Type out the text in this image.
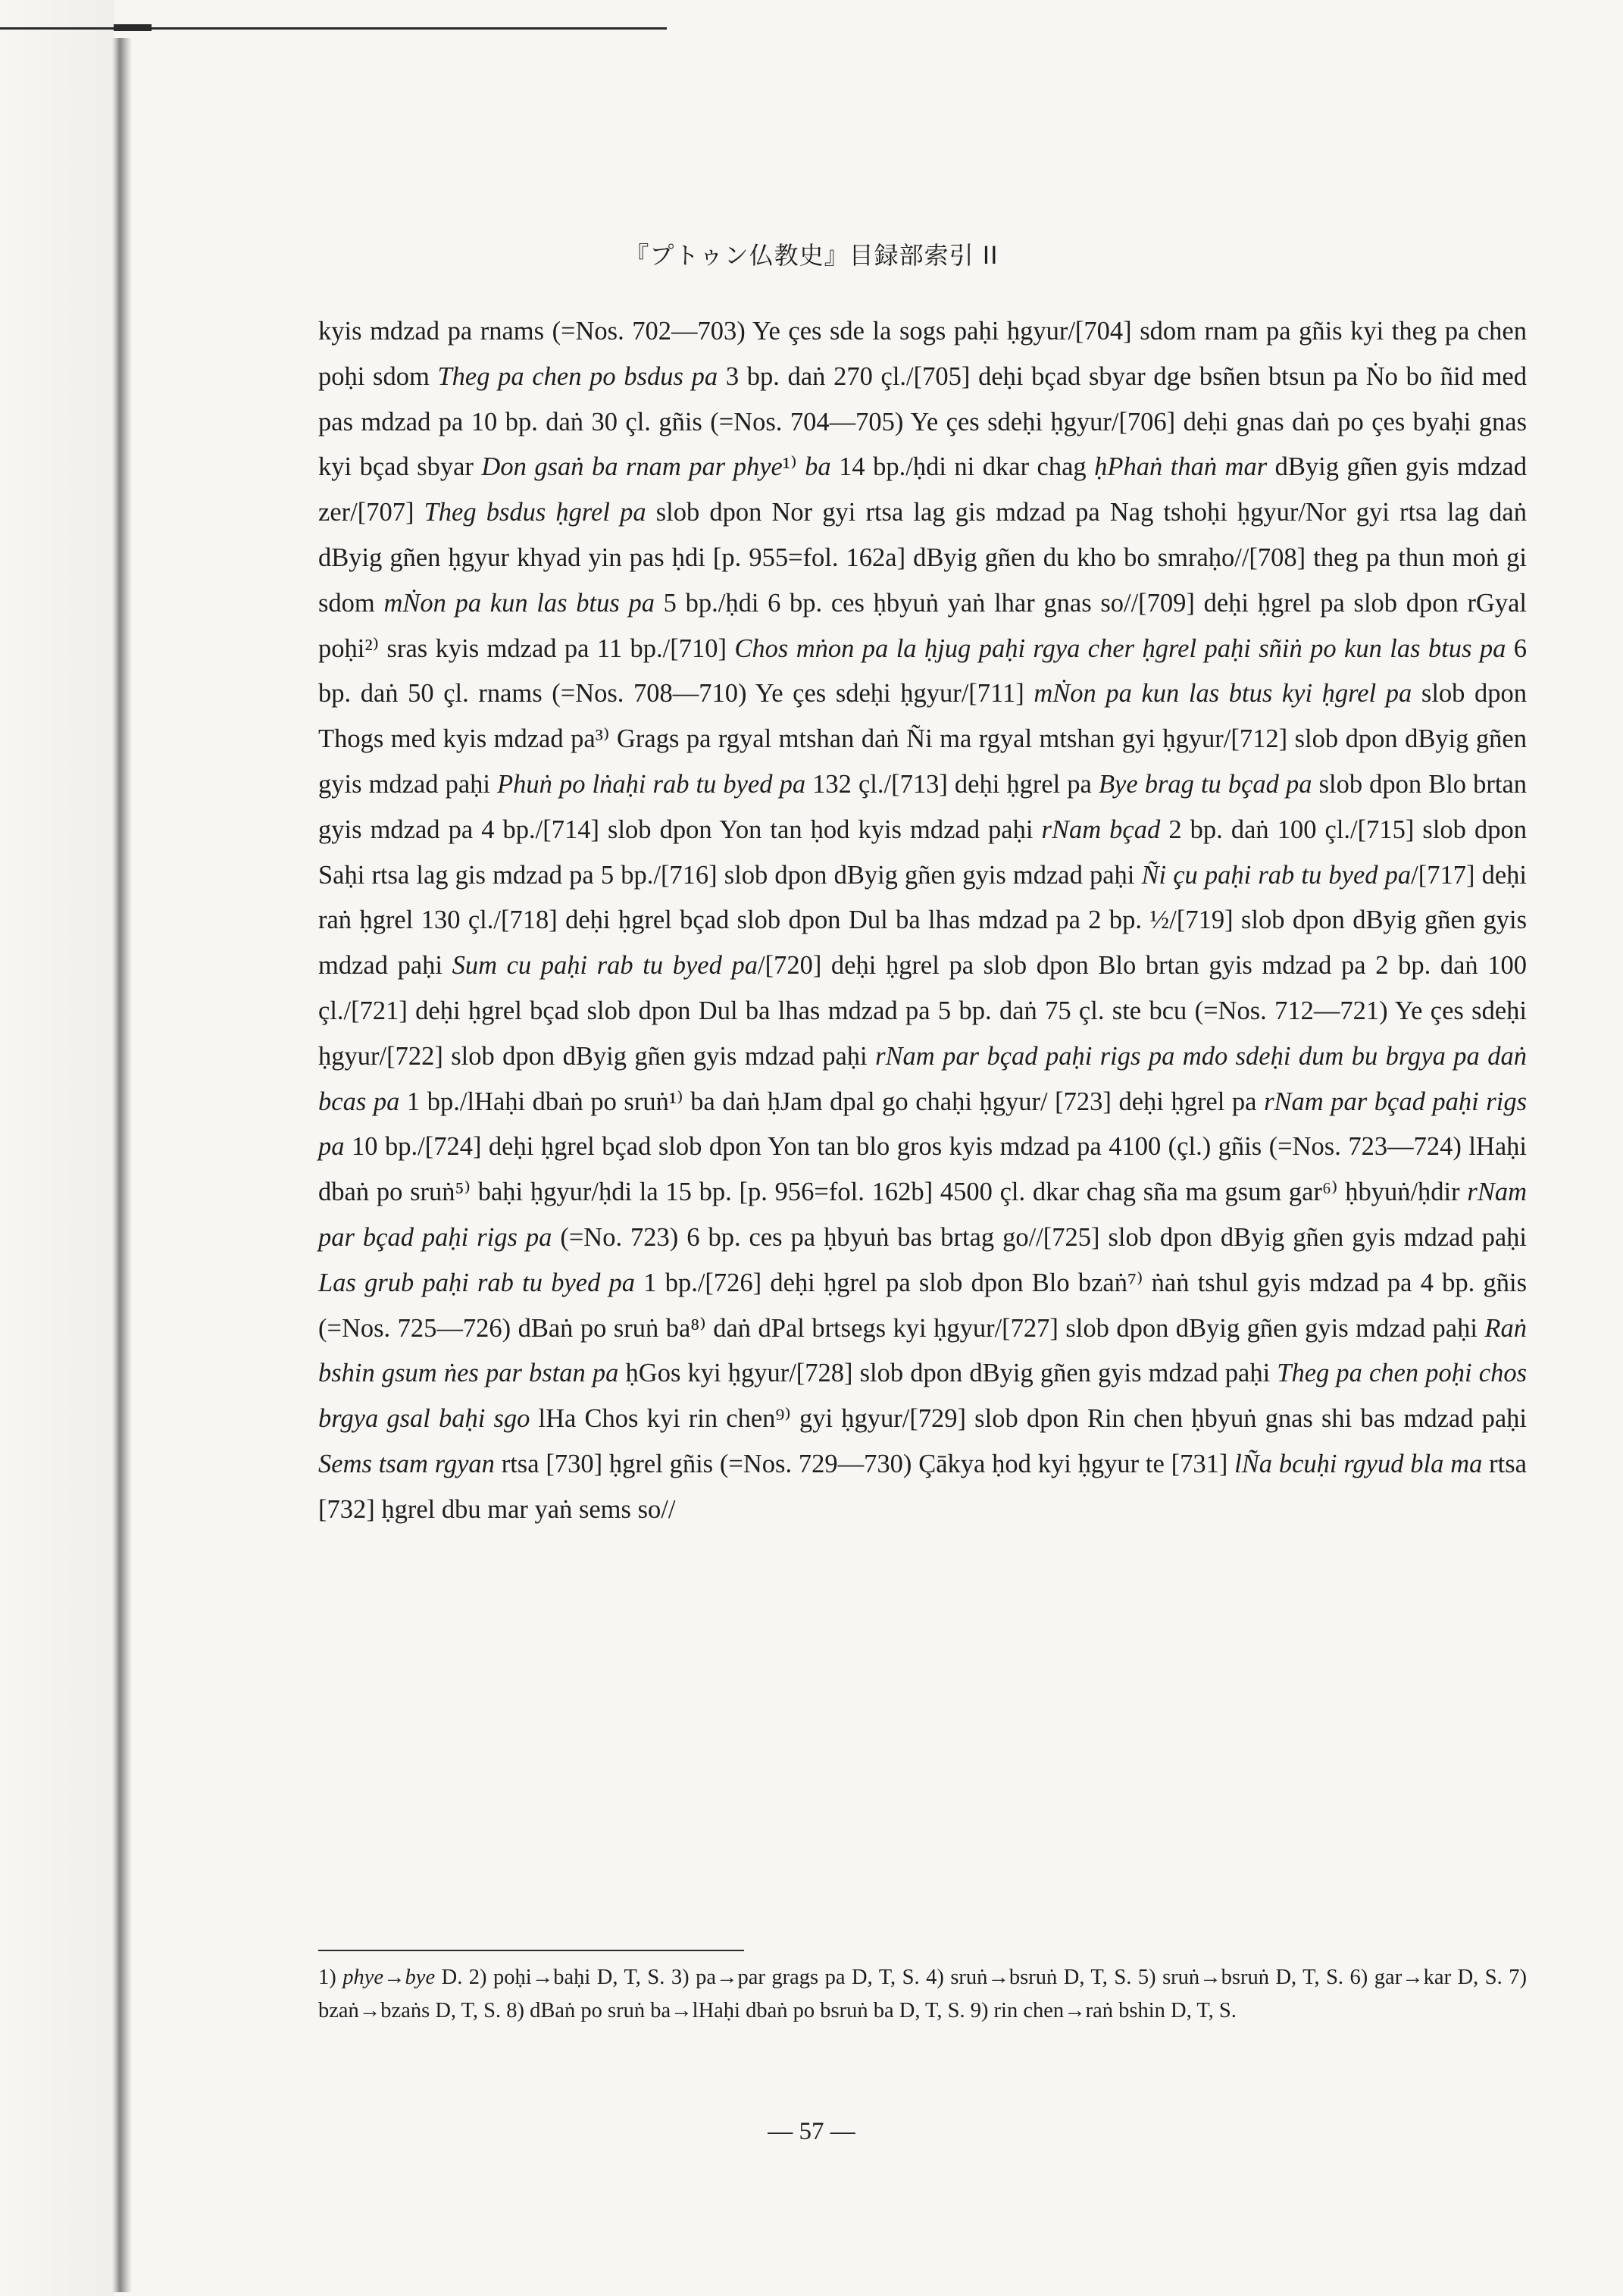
『プトゥン仏教史』目録部索引 II
kyis mdzad pa rnams (=Nos. 702—703) Ye çes sde la sogs paḥi ḥgyur/[704] sdom rnam pa gñis kyi theg pa chen poḥi sdom Theg pa chen po bsdus pa 3 bp. daṅ 270 çl./[705] deḥi bçad sbyar dge bsñen btsun pa Ṅo bo ñid med pas mdzad pa 10 bp. daṅ 30 çl. gñis (=Nos. 704—705) Ye çes sdeḥi ḥgyur/[706] deḥi gnas daṅ po çes byaḥi gnas kyi bçad sbyar Don gsaṅ ba rnam par phye¹⁾ ba 14 bp./ḥdi ni dkar chag ḥPhaṅ thaṅ mar dByig gñen gyis mdzad zer/[707] Theg bsdus ḥgrel pa slob dpon Nor gyi rtsa lag gis mdzad pa Nag tshoḥi ḥgyur/Nor gyi rtsa lag daṅ dByig gñen ḥgyur khyad yin pas ḥdi [p. 955=fol. 162a] dByig gñen du kho bo smraḥo//[708] theg pa thun moṅ gi sdom mṄon pa kun las btus pa 5 bp./ḥdi 6 bp. ces ḥbyuṅ yaṅ lhar gnas so//[709] deḥi ḥgrel pa slob dpon rGyal poḥi²⁾ sras kyis mdzad pa 11 bp./[710] Chos mṅon pa la ḥjug paḥi rgya cher ḥgrel paḥi sñiṅ po kun las btus pa 6 bp. daṅ 50 çl. rnams (=Nos. 708—710) Ye çes sdeḥi ḥgyur/[711] mṄon pa kun las btus kyi ḥgrel pa slob dpon Thogs med kyis mdzad pa³⁾ Grags pa rgyal mtshan daṅ Ñi ma rgyal mtshan gyi ḥgyur/[712] slob dpon dByig gñen gyis mdzad paḥi Phuṅ po lṅaḥi rab tu byed pa 132 çl./[713] deḥi ḥgrel pa Bye brag tu bçad pa slob dpon Blo brtan gyis mdzad pa 4 bp./[714] slob dpon Yon tan ḥod kyis mdzad paḥi rNam bçad 2 bp. daṅ 100 çl./[715] slob dpon Saḥi rtsa lag gis mdzad pa 5 bp./[716] slob dpon dByig gñen gyis mdzad paḥi Ñi çu paḥi rab tu byed pa/[717] deḥi raṅ ḥgrel 130 çl./[718] deḥi ḥgrel bçad slob dpon Dul ba lhas mdzad pa 2 bp. ½/[719] slob dpon dByig gñen gyis mdzad paḥi Sum cu paḥi rab tu byed pa/[720] deḥi ḥgrel pa slob dpon Blo brtan gyis mdzad pa 2 bp. daṅ 100 çl./[721] deḥi ḥgrel bçad slob dpon Dul ba lhas mdzad pa 5 bp. daṅ 75 çl. ste bcu (=Nos. 712—721) Ye çes sdeḥi ḥgyur/[722] slob dpon dByig gñen gyis mdzad paḥi rNam par bçad paḥi rigs pa mdo sdeḥi dum bu brgya pa daṅ bcas pa 1 bp./lHaḥi dbaṅ po sruṅ¹⁾ ba daṅ ḥJam dpal go chaḥi ḥgyur/ [723] deḥi ḥgrel pa rNam par bçad paḥi rigs pa 10 bp./[724] deḥi ḥgrel bçad slob dpon Yon tan blo gros kyis mdzad pa 4100 (çl.) gñis (=Nos. 723—724) lHaḥi dbaṅ po sruṅ⁵⁾ baḥi ḥgyur/ḥdi la 15 bp. [p. 956=fol. 162b] 4500 çl. dkar chag sña ma gsum gar⁶⁾ ḥbyuṅ/ḥdir rNam par bçad paḥi rigs pa (=No. 723) 6 bp. ces pa ḥbyuṅ bas brtag go//[725] slob dpon dByig gñen gyis mdzad paḥi Las grub paḥi rab tu byed pa 1 bp./[726] deḥi ḥgrel pa slob dpon Blo bzaṅ⁷⁾ ṅaṅ tshul gyis mdzad pa 4 bp. gñis (=Nos. 725—726) dBaṅ po sruṅ ba⁸⁾ daṅ dPal brtsegs kyi ḥgyur/[727] slob dpon dByig gñen gyis mdzad paḥi Raṅ bshin gsum ṅes par bstan pa ḥGos kyi ḥgyur/[728] slob dpon dByig gñen gyis mdzad paḥi Theg pa chen poḥi chos brgya gsal baḥi sgo lHa Chos kyi rin chen⁹⁾ gyi ḥgyur/[729] slob dpon Rin chen ḥbyuṅ gnas shi bas mdzad paḥi Sems tsam rgyan rtsa [730] ḥgrel gñis (=Nos. 729—730) Çākya ḥod kyi ḥgyur te [731] lÑa bcuḥi rgyud bla ma rtsa [732] ḥgrel dbu mar yaṅ sems so//
1) phye→bye D. 2) poḥi→baḥi D, T, S. 3) pa→par grags pa D, T, S. 4) sruṅ→bsruṅ D, T, S. 5) sruṅ→bsruṅ D, T, S. 6) gar→kar D, S. 7) bzaṅ→bzaṅs D, T, S. 8) dBaṅ po sruṅ ba→lHaḥi dbaṅ po bsruṅ ba D, T, S. 9) rin chen→raṅ bshin D, T, S.
— 57 —
